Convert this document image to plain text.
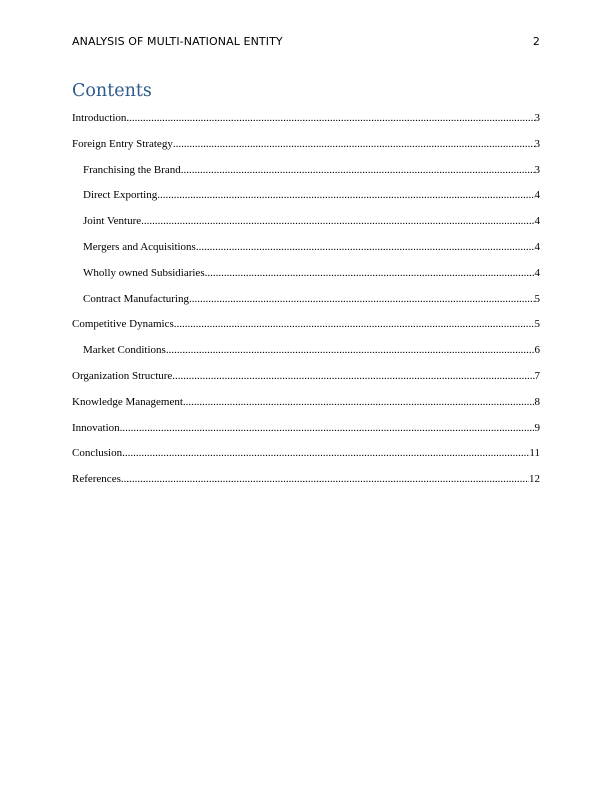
ANALYSIS OF MULTI-NATIONAL ENTITY	2
Contents
Introduction .....	3
Foreign Entry Strategy .....	3
Franchising the Brand .....	3
Direct Exporting .....	4
Joint Venture .....	4
Mergers and Acquisitions .....	4
Wholly owned Subsidiaries .....	4
Contract Manufacturing .....	5
Competitive Dynamics .....	5
Market Conditions .....	6
Organization Structure .....	7
Knowledge Management .....	8
Innovation .....	9
Conclusion .....	11
References .....	12
